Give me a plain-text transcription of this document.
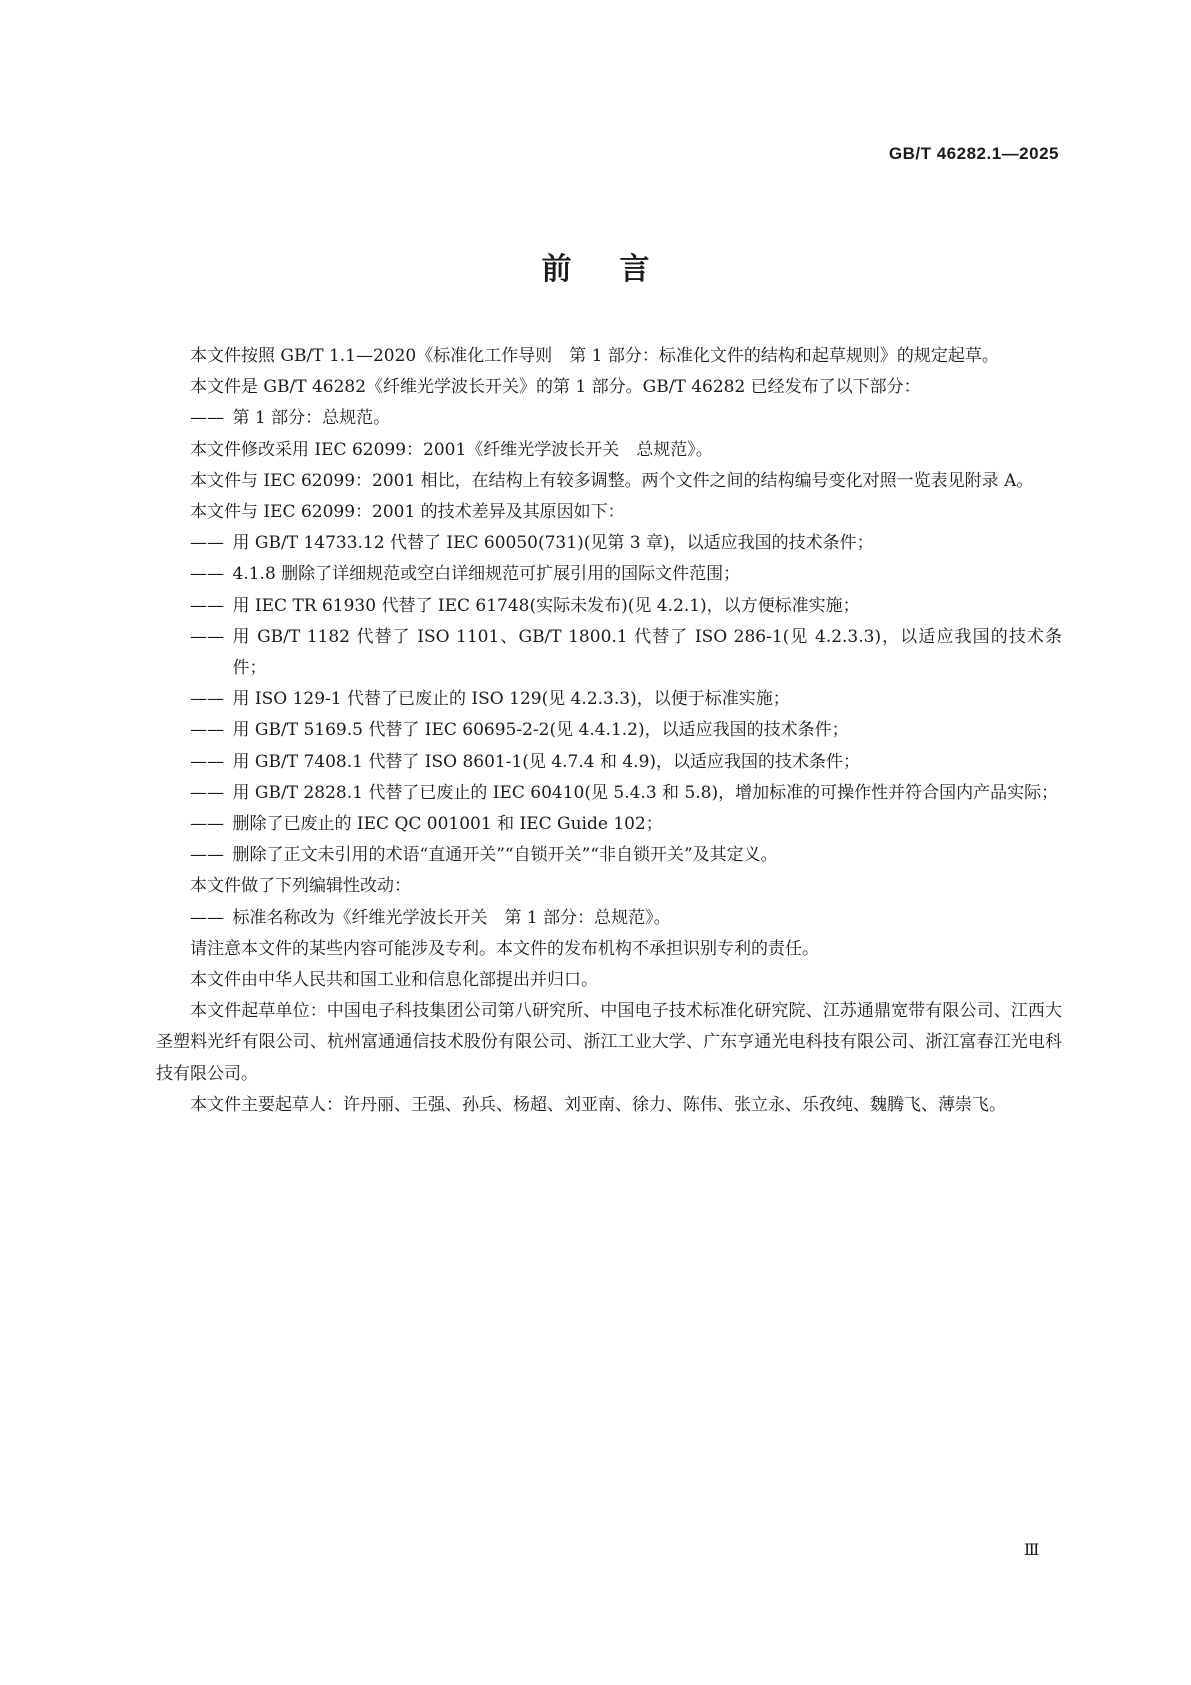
GB/T 46282.1—2025
前言

本文件按照 GB/T 1.1—2020《标准化工作导则　第 1 部分：标准化文件的结构和起草规则》的规定起草。

本文件是 GB/T 46282《纤维光学波长开关》的第 1 部分。GB/T 46282 已经发布了以下部分：

—— 第 1 部分：总规范。

本文件修改采用 IEC 62099：2001《纤维光学波长开关　总规范》。

本文件与 IEC 62099：2001 相比，在结构上有较多调整。两个文件之间的结构编号变化对照一览表见附录 A。

本文件与 IEC 62099：2001 的技术差异及其原因如下：

—— 用 GB/T 14733.12 代替了 IEC 60050(731)(见第 3 章)，以适应我国的技术条件；
—— 4.1.8 删除了详细规范或空白详细规范可扩展引用的国际文件范围；
—— 用 IEC TR 61930 代替了 IEC 61748(实际未发布)(见 4.2.1)，以方便标准实施；
—— 用 GB/T 1182 代替了 ISO 1101、GB/T 1800.1 代替了 ISO 286-1(见 4.2.3.3)，以适应我国的技术条件；
—— 用 ISO 129-1 代替了已废止的 ISO 129(见 4.2.3.3)，以便于标准实施；
—— 用 GB/T 5169.5 代替了 IEC 60695-2-2(见 4.4.1.2)，以适应我国的技术条件；
—— 用 GB/T 7408.1 代替了 ISO 8601-1(见 4.7.4 和 4.9)，以适应我国的技术条件；
—— 用 GB/T 2828.1 代替了已废止的 IEC 60410(见 5.4.3 和 5.8)，增加标准的可操作性并符合国内产品实际；
—— 删除了已废止的 IEC QC 001001 和 IEC Guide 102；
—— 删除了正文未引用的术语“直通开关”“自锁开关”“非自锁开关”及其定义。

本文件做了下列编辑性改动：

—— 标准名称改为《纤维光学波长开关　第 1 部分：总规范》。

请注意本文件的某些内容可能涉及专利。本文件的发布机构不承担识别专利的责任。

本文件由中华人民共和国工业和信息化部提出并归口。

本文件起草单位：中国电子科技集团公司第八研究所、中国电子技术标准化研究院、江苏通鼎宽带有限公司、江西大圣塑料光纤有限公司、杭州富通通信技术股份有限公司、浙江工业大学、广东亨通光电科技有限公司、浙江富春江光电科技有限公司。

本文件主要起草人：许丹丽、王强、孙兵、杨超、刘亚南、徐力、陈伟、张立永、乐孜纯、魏腾飞、薄崇飞。

Ⅲ
